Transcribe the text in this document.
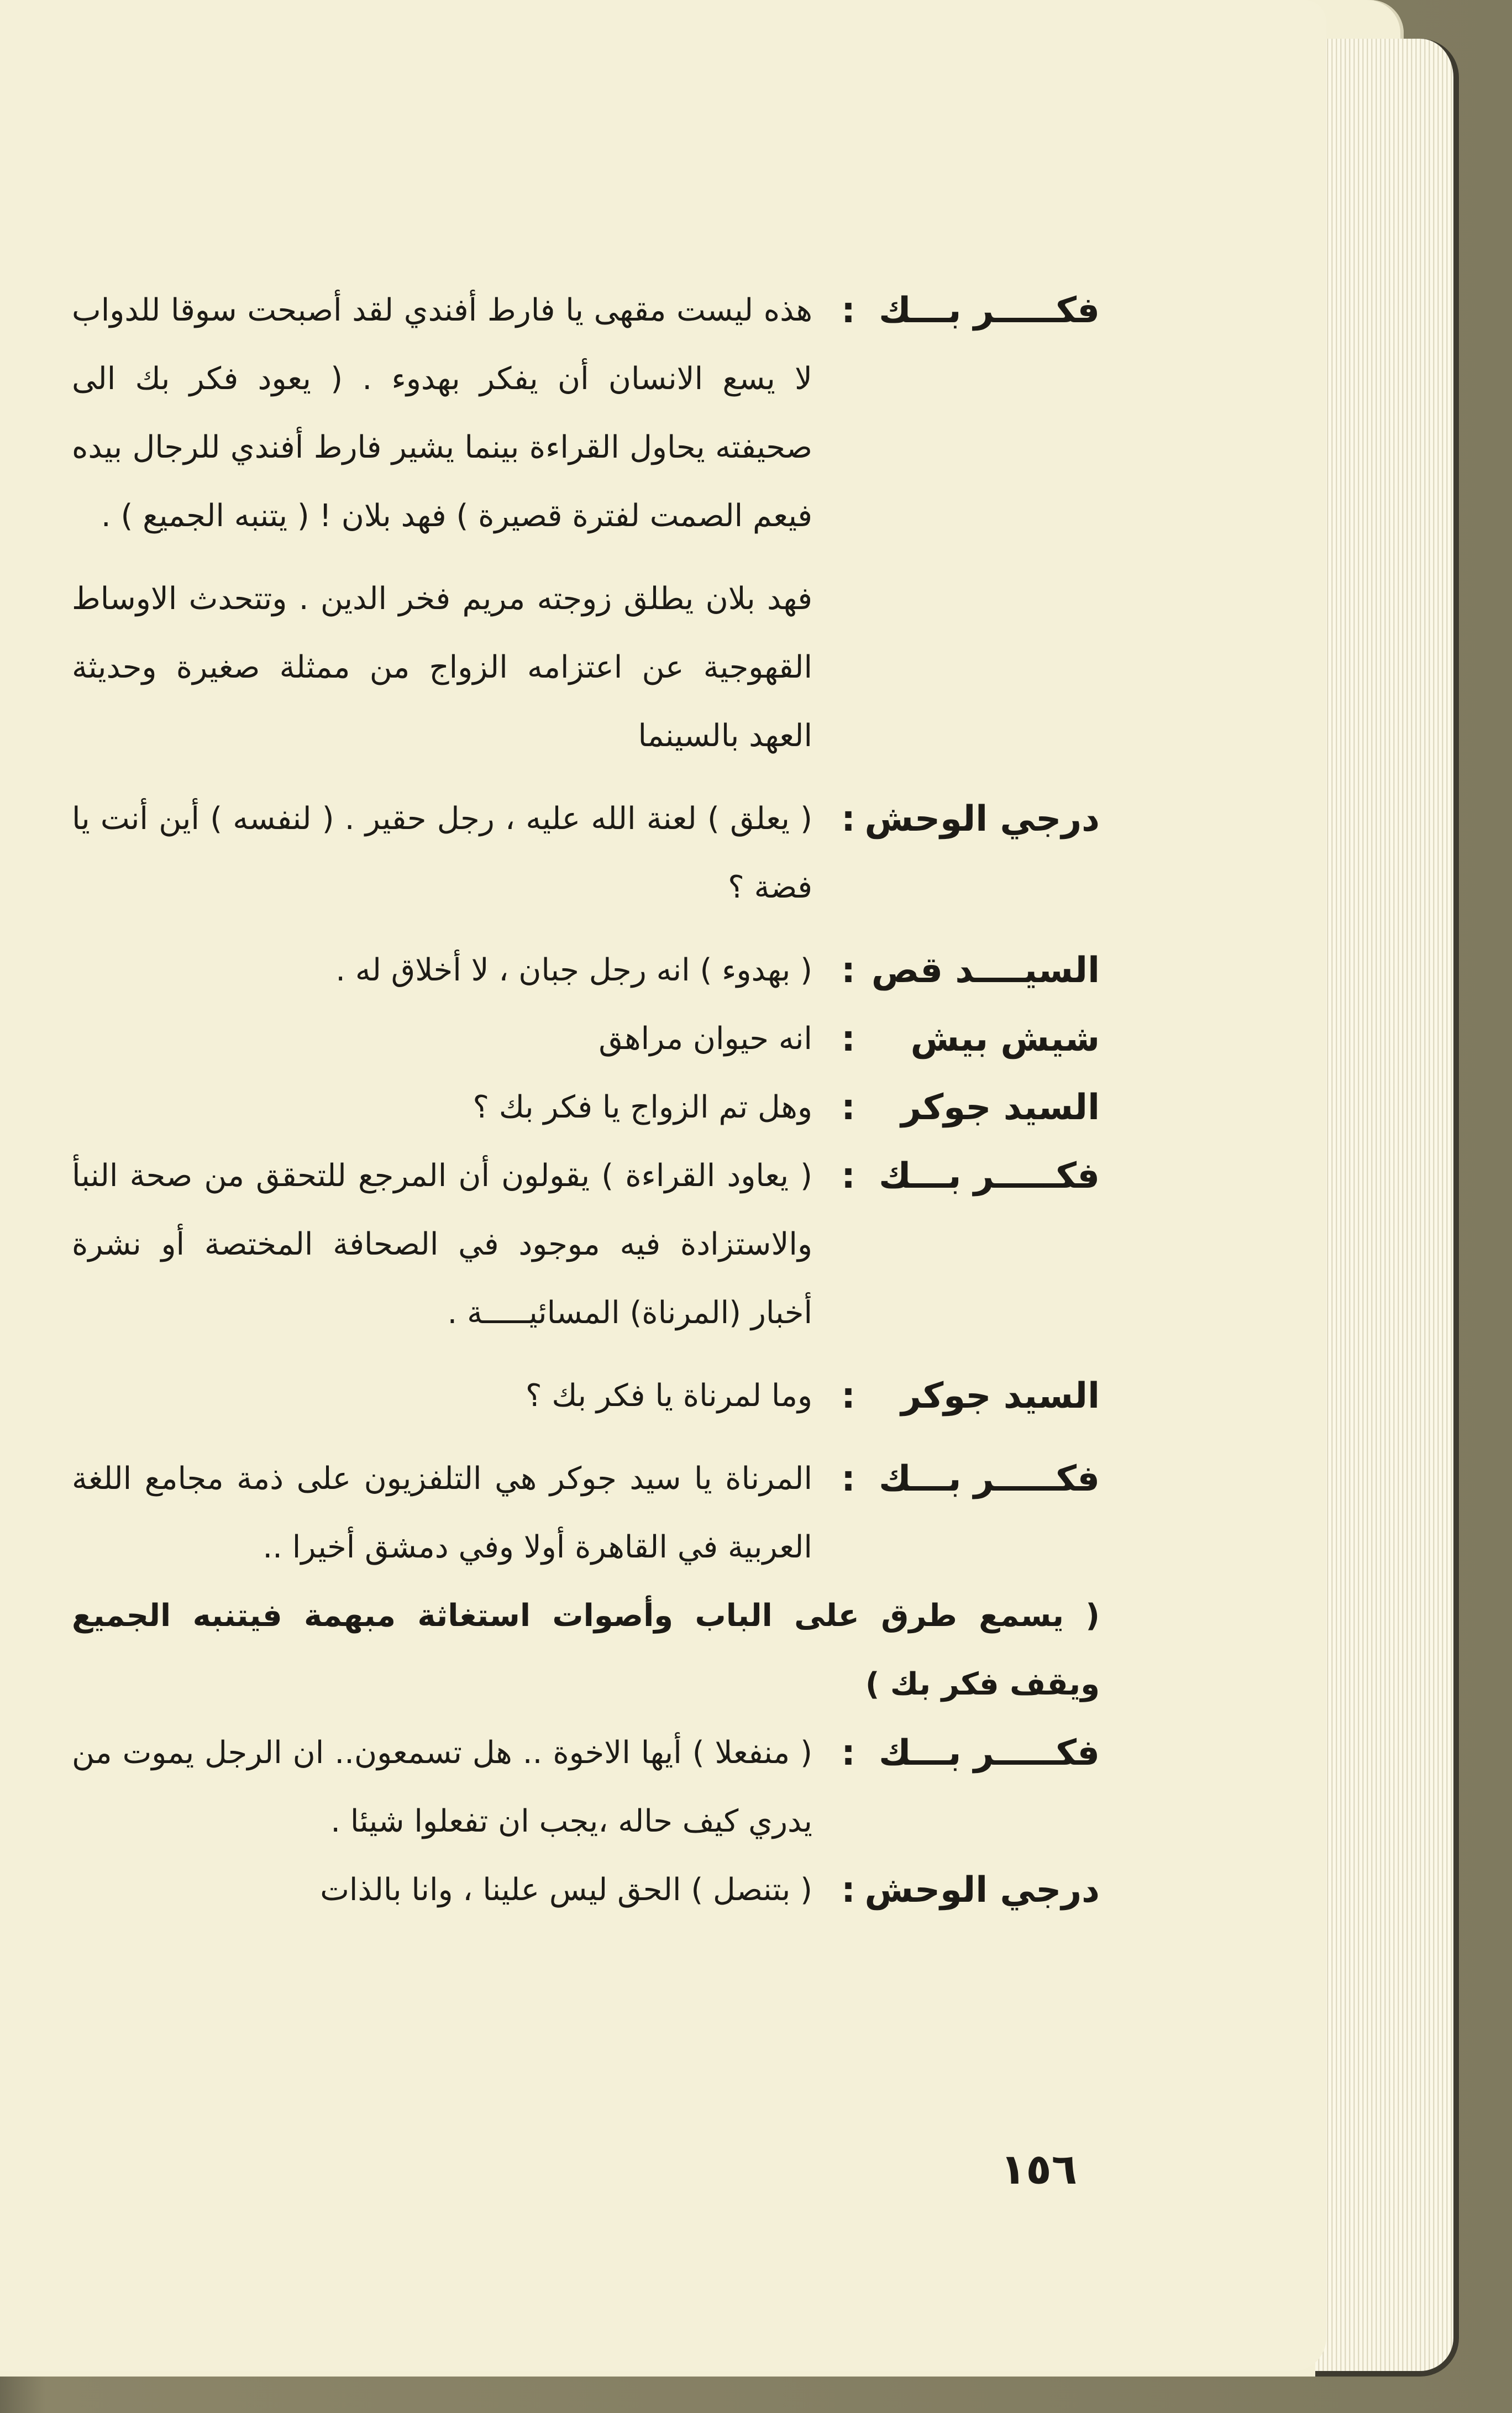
فكـــــر بـــك
:
هذه ليست مقهى يا فارط أفندي لقد أصبحت سوقا للدواب لا يسع الانسان أن يفكر بهدوء . ( يعود فكر بك الى صحيفته يحاول القراءة بينما يشير فارط أفندي للرجال بيده فيعم الصمت لفترة قصيرة ) فهد بلان ! ( يتنبه الجميع ) .
فهد بلان يطلق زوجته مريم فخر الدين . وتتحدث الاوساط القهوجية عن اعتزامه الزواج من ممثلة صغيرة وحديثة العهد بالسينما
درجي الوحش
:
( يعلق ) لعنة الله عليه ، رجل حقير . ( لنفسه ) أين أنت يا فضة ؟
السيــــد قص
:
( بهدوء ) انه رجل جبان ، لا أخلاق له .
شيش بيش
:
انه حيوان مراهق
السيد جوكر
:
وهل تم الزواج يا فكر بك ؟
فكـــــر بـــك
:
( يعاود القراءة ) يقولون أن المرجع للتحقق من صحة النبأ والاستزادة فيه موجود في الصحافة المختصة أو نشرة أخبار (المرناة) المسائيـــــة .
السيد جوكر
:
وما لمرناة يا فكر بك ؟
فكـــــر بـــك
:
المرناة يا سيد جوكر هي التلفزيون على ذمة مجامع اللغة العربية في القاهرة أولا وفي دمشق أخيرا ..
( يسمع طرق على الباب وأصوات استغاثة مبهمة فيتنبه الجميع ويقف فكر بك )
فكـــــر بـــك
:
( منفعلا ) أيها الاخوة .. هل تسمعون.. ان الرجل يموت من يدري كيف حاله ،يجب ان تفعلوا شيئا .
درجي الوحش
:
( بتنصل ) الحق ليس علينا ، وانا بالذات
١٥٦
